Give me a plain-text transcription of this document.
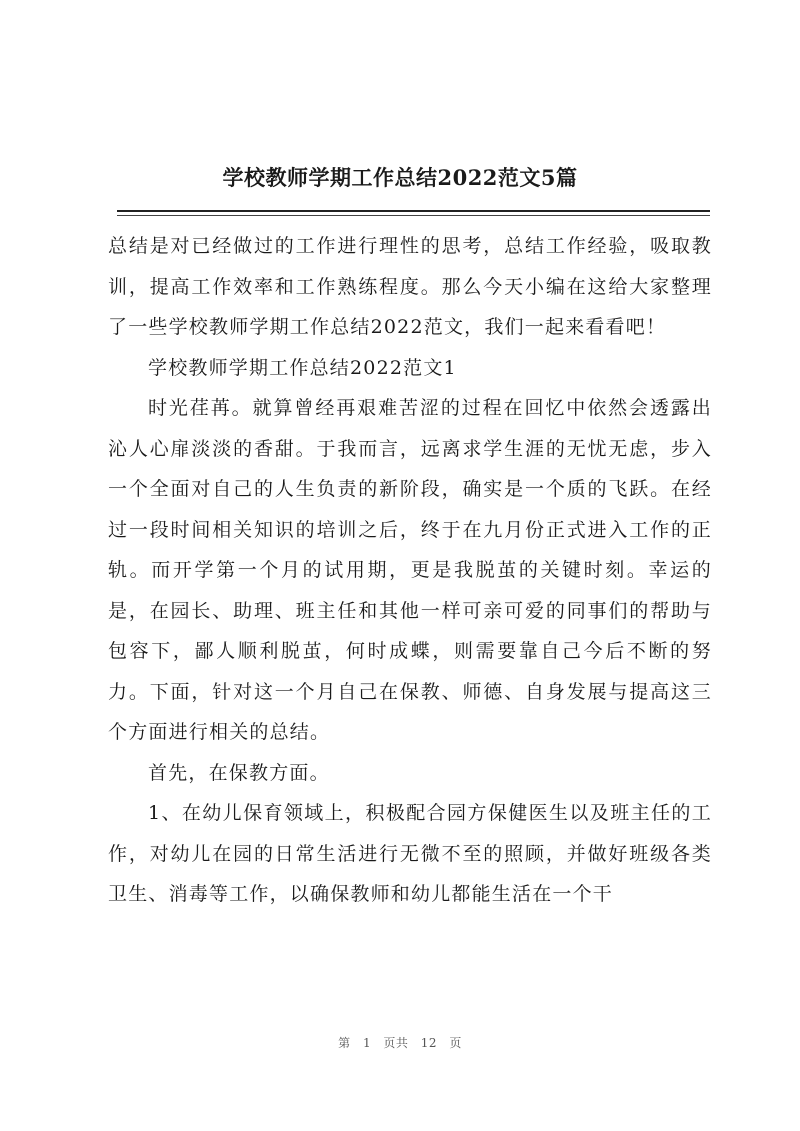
学校教师学期工作总结2022范文5篇

总结是对已经做过的工作进行理性的思考，总结工作经验，吸取教训，提高工作效率和工作熟练程度。那么今天小编在这给大家整理了一些学校教师学期工作总结2022范文，我们一起来看看吧！

学校教师学期工作总结2022范文1

时光荏苒。就算曾经再艰难苦涩的过程在回忆中依然会透露出沁人心扉淡淡的香甜。于我而言，远离求学生涯的无忧无虑，步入一个全面对自己的人生负责的新阶段，确实是一个质的飞跃。在经过一段时间相关知识的培训之后，终于在九月份正式进入工作的正轨。而开学第一个月的试用期，更是我脱茧的关键时刻。幸运的是，在园长、助理、班主任和其他一样可亲可爱的同事们的帮助与包容下，鄙人顺利脱茧，何时成蝶，则需要靠自己今后不断的努力。下面，针对这一个月自己在保教、师德、自身发展与提高这三个方面进行相关的总结。

首先，在保教方面。

1、在幼儿保育领域上，积极配合园方保健医生以及班主任的工作，对幼儿在园的日常生活进行无微不至的照顾，并做好班级各类卫生、消毒等工作，以确保教师和幼儿都能生活在一个干

第 1 页共 12 页
